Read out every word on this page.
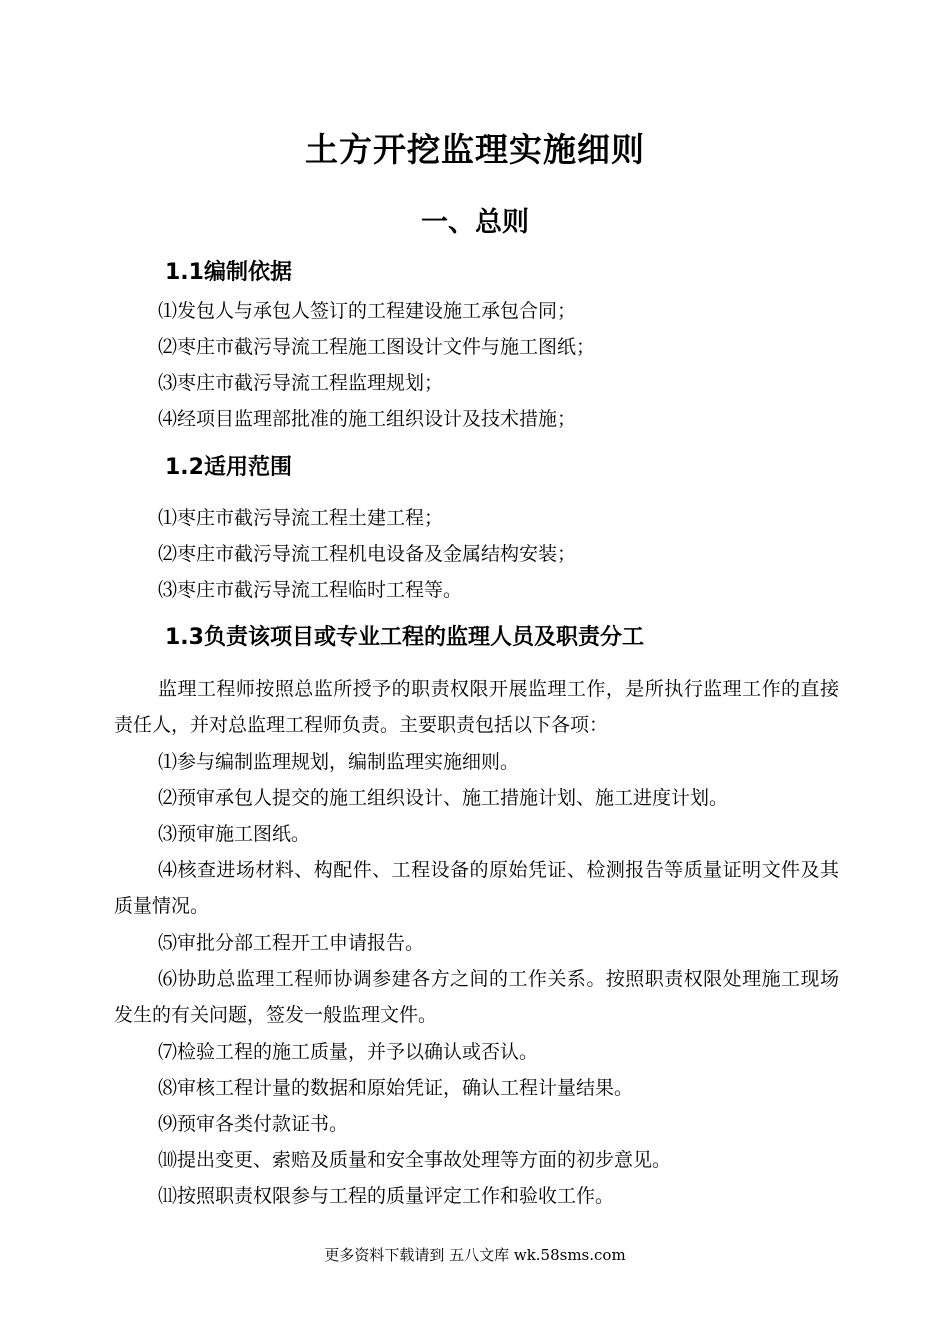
土方开挖监理实施细则
一、总则
1.1编制依据
⑴发包人与承包人签订的工程建设施工承包合同；
⑵枣庄市截污导流工程施工图设计文件与施工图纸；
⑶枣庄市截污导流工程监理规划；
⑷经项目监理部批准的施工组织设计及技术措施；
1.2适用范围
⑴枣庄市截污导流工程土建工程；
⑵枣庄市截污导流工程机电设备及金属结构安装；
⑶枣庄市截污导流工程临时工程等。
1.3负责该项目或专业工程的监理人员及职责分工
监理工程师按照总监所授予的职责权限开展监理工作，是所执行监理工作的直接责任人，并对总监理工程师负责。主要职责包括以下各项：
⑴参与编制监理规划，编制监理实施细则。
⑵预审承包人提交的施工组织设计、施工措施计划、施工进度计划。
⑶预审施工图纸。
⑷核查进场材料、构配件、工程设备的原始凭证、检测报告等质量证明文件及其质量情况。
⑸审批分部工程开工申请报告。
⑹协助总监理工程师协调参建各方之间的工作关系。按照职责权限处理施工现场发生的有关问题，签发一般监理文件。
⑺检验工程的施工质量，并予以确认或否认。
⑻审核工程计量的数据和原始凭证，确认工程计量结果。
⑼预审各类付款证书。
⑽提出变更、索赔及质量和安全事故处理等方面的初步意见。
⑾按照职责权限参与工程的质量评定工作和验收工作。
更多资料下载请到 五八文库 wk.58sms.com
